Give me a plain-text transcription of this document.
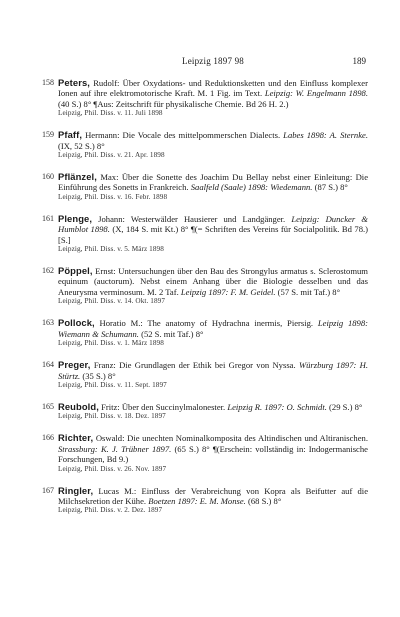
Leipzig 1897 98	189
158 Peters, Rudolf: Über Oxydations- und Reduktionsketten und den Einfluss komplexer Ionen auf ihre elektromotorische Kraft. M. 1 Fig. im Text. Leipzig: W. Engelmann 1898. (40 S.) 8° ¶Aus: Zeitschrift für physikalische Chemie. Bd 26 H. 2.)
Leipzig, Phil. Diss. v. 11. Juli 1898
159 Pfaff, Hermann: Die Vocale des mittelpommerschen Dialects. Labes 1898: A. Sternke. (IX, 52 S.) 8°
Leipzig, Phil. Diss. v. 21. Apr. 1898
160 Pflänzel, Max: Über die Sonette des Joachim Du Bellay nebst einer Einleitung: Die Einführung des Sonetts in Frankreich. Saalfeld (Saale) 1898: Wiedemann. (87 S.) 8°
Leipzig, Phil. Diss. v. 16. Febr. 1898
161 Plenge, Johann: Westerwälder Hausierer und Landgänger. Leipzig: Duncker & Humblot 1898. (X, 184 S. mit Kt.) 8° ¶(= Schriften des Vereins für Socialpolitik. Bd 78.) [S.]
Leipzig, Phil. Diss. v. 5. März 1898
162 Pöppel, Ernst: Untersuchungen über den Bau des Strongylus armatus s. Sclerostomum equinum (auctorum). Nebst einem Anhang über die Biologie desselben und das Aneurysma verminosum. M. 2 Taf. Leipzig 1897: F. M. Geidel. (57 S. mit Taf.) 8°
Leipzig, Phil. Diss. v. 14. Okt. 1897
163 Pollock, Horatio M.: The anatomy of Hydrachna inermis, Piersig. Leipzig 1898: Wiemann & Schumann. (52 S. mit Taf.) 8°
Leipzig, Phil. Diss. v. 1. März 1898
164 Preger, Franz: Die Grundlagen der Ethik bei Gregor von Nyssa. Würzburg 1897: H. Stürtz. (35 S.) 8°
Leipzig, Phil. Diss. v. 11. Sept. 1897
165 Reubold, Fritz: Über den Succinylmalonester. Leipzig R. 1897: O. Schmidt. (29 S.) 8°
Leipzig, Phil. Diss. v. 18. Dez. 1897
166 Richter, Oswald: Die unechten Nominalkomposita des Altindischen und Altiranischen. Strassburg: K. J. Trübner 1897. (65 S.) 8° ¶(Erschein: vollständig in: Indogermanische Forschungen, Bd 9.)
Leipzig, Phil. Diss. v. 26. Nov. 1897
167 Ringler, Lucas M.: Einfluss der Verabreichung von Kopra als Beifutter auf die Milchsekretion der Kühe. Boetzen 1897: E. M. Monse. (68 S.) 8°
Leipzig, Phil. Diss. v. 2. Dez. 1897
